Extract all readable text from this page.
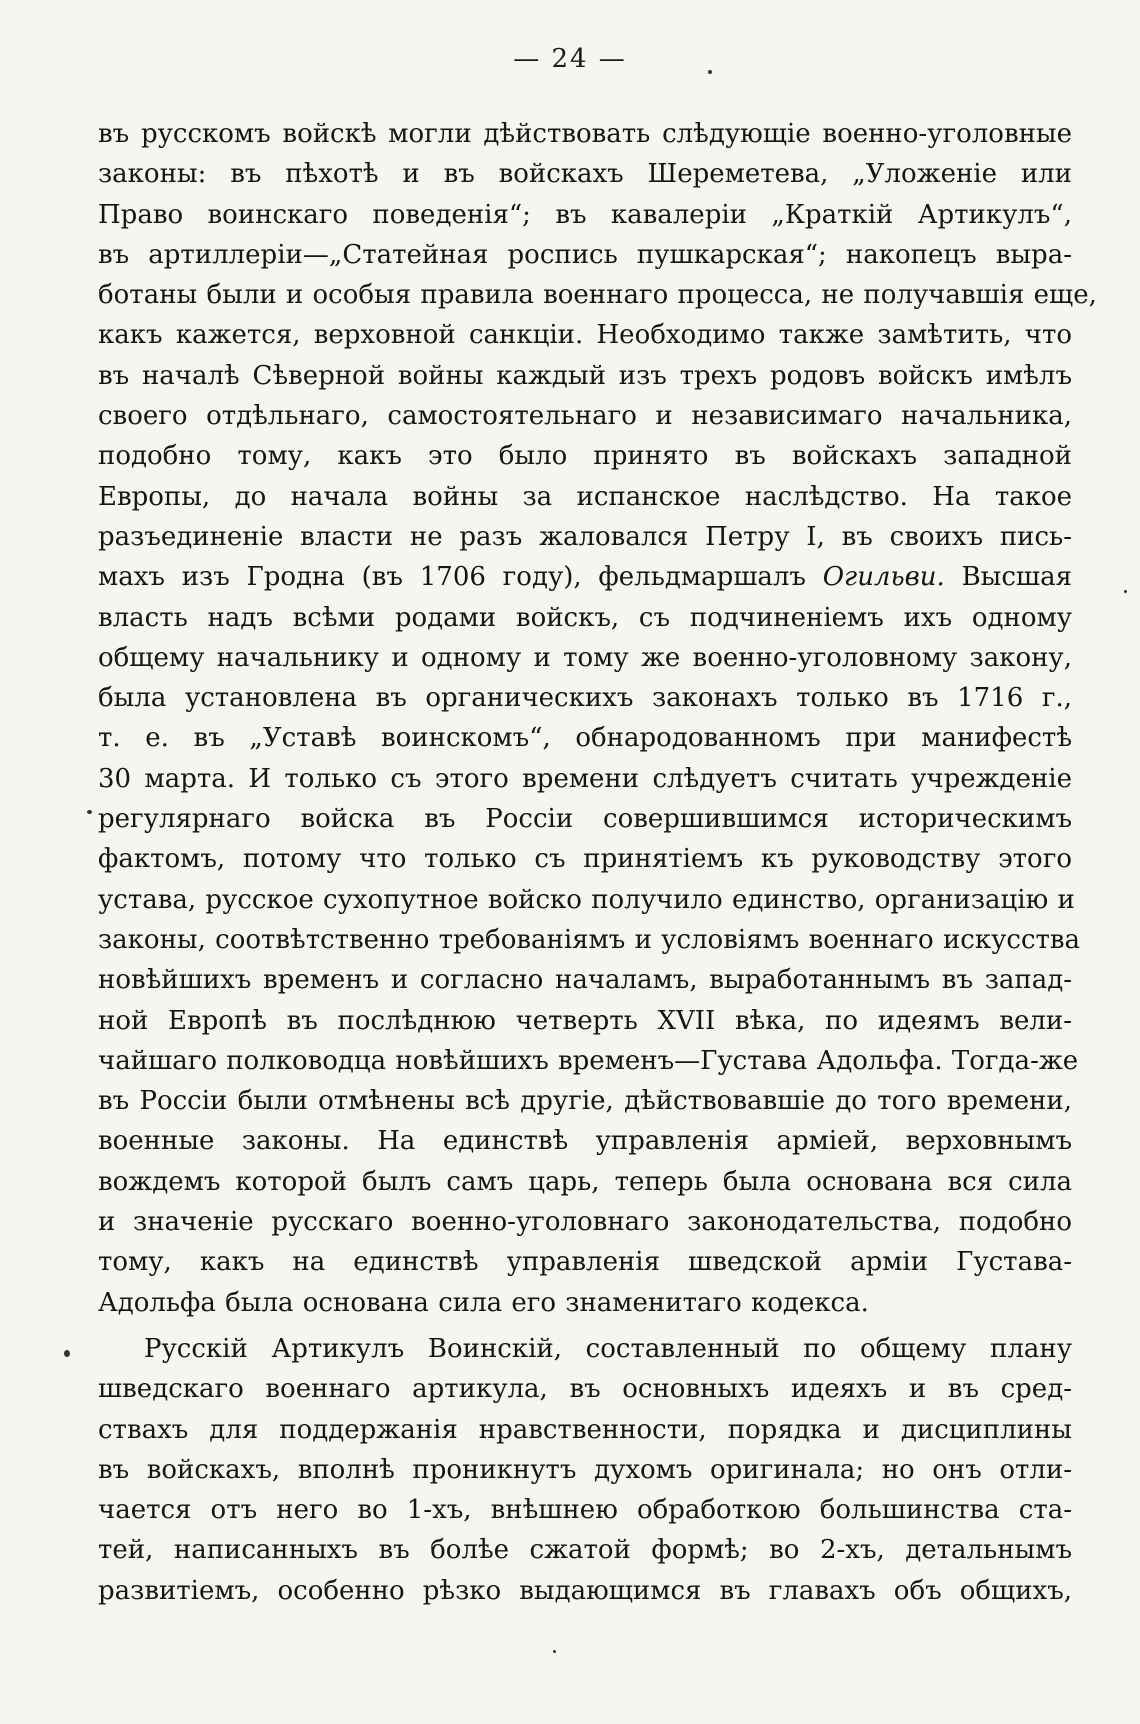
— 24 —
въ русскомъ войскѣ могли дѣйствовать слѣдующіе военно-уголовные
законы: въ пѣхотѣ и въ войскахъ Шереметева, „Уложеніе или
Право воинскаго поведенія“; въ кавалеріи „Краткій Артикулъ“,
въ артиллеріи—„Статейная роспись пушкарская“; накопецъ выра-
ботаны были и особыя правила военнаго процесса, не получавшія еще,
какъ кажется, верховной санкціи. Необходимо также замѣтить, что
въ началѣ Сѣверной войны каждый изъ трехъ родовъ войскъ имѣлъ
своего отдѣльнаго, самостоятельнаго и независимаго начальника,
подобно тому, какъ это было принято въ войскахъ западной
Европы, до начала войны за испанское наслѣдство. На такое
разъединеніе власти не разъ жаловался Петру I, въ своихъ пись-
махъ изъ Гродна (въ 1706 году), фельдмаршалъ Огильви. Высшая
власть надъ всѣми родами войскъ, съ подчиненіемъ ихъ одному
общему начальнику и одному и тому же военно-уголовному закону,
была установлена въ органическихъ законахъ только въ 1716 г.,
т. е. въ „Уставѣ воинскомъ“, обнародованномъ при манифестѣ
30 марта. И только съ этого времени слѣдуетъ считать учрежденіе
регулярнаго войска въ Россіи совершившимся историческимъ
фактомъ, потому что только съ принятіемъ къ руководству этого
устава, русское сухопутное войско получило единство, организацію и
законы, соотвѣтственно требованіямъ и условіямъ военнаго искусства
новѣйшихъ временъ и согласно началамъ, выработаннымъ въ запад-
ной Европѣ въ послѣднюю четверть XVII вѣка, по идеямъ вели-
чайшаго полководца новѣйшихъ временъ—Густава Адольфа. Тогда-же
въ Россіи были отмѣнены всѣ другіе, дѣйствовавшіе до того времени,
военные законы. На единствѣ управленія арміей, верховнымъ
вождемъ которой былъ самъ царь, теперь была основана вся сила
и значеніе русскаго военно-уголовнаго законодательства, подобно
тому, какъ на единствѣ управленія шведской арміи Густава-
Адольфа была основана сила его знаменитаго кодекса.
Русскій Артикулъ Воинскій, составленный по общему плану
шведскаго военнаго артикула, въ основныхъ идеяхъ и въ сред-
ствахъ для поддержанія нравственности, порядка и дисциплины
въ войскахъ, вполнѣ проникнутъ духомъ оригинала; но онъ отли-
чается отъ него во 1-хъ, внѣшнею обработкою большинства ста-
тей, написанныхъ въ болѣе сжатой формѣ; во 2-хъ, детальнымъ
развитіемъ, особенно рѣзко выдающимся въ главахъ объ общихъ,
